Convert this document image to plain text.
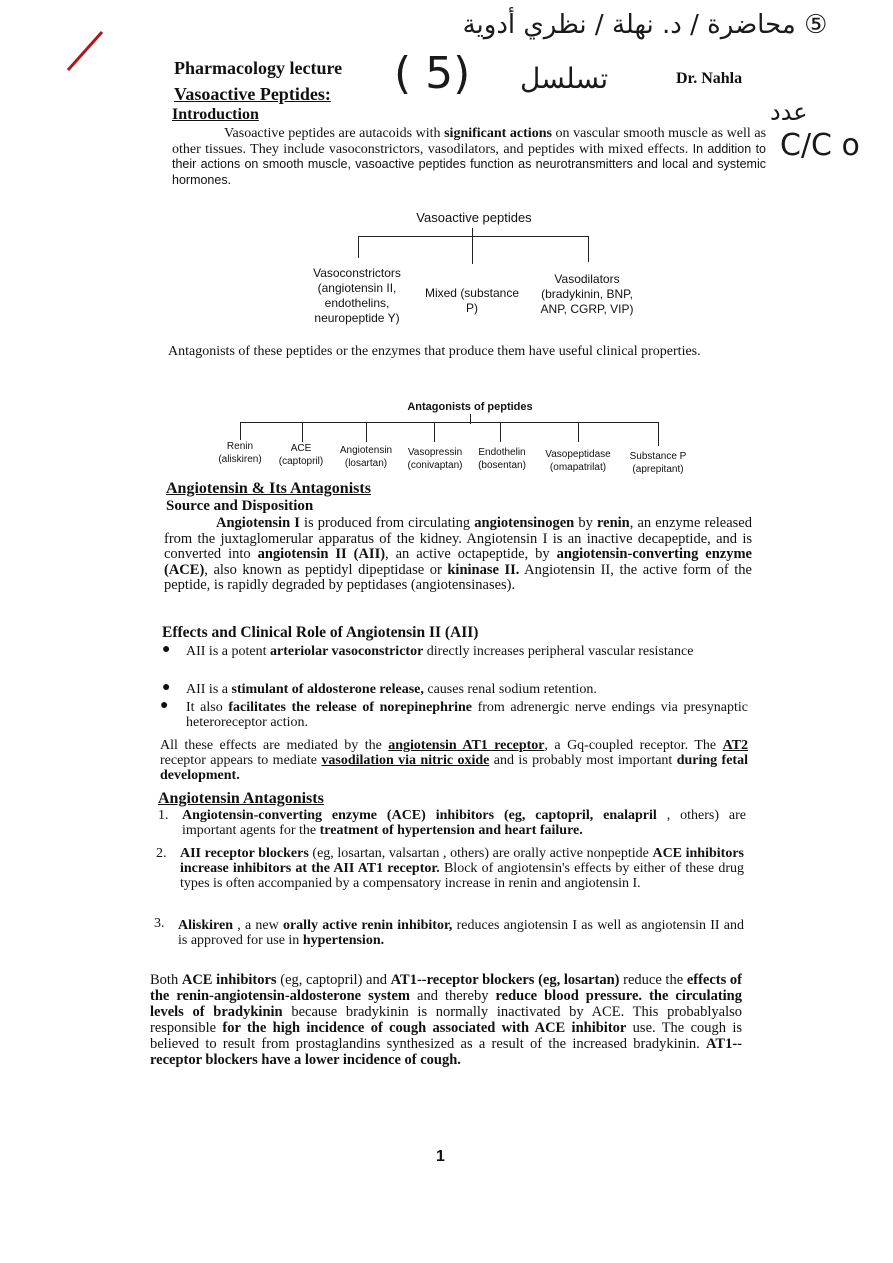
⑤ محاضرة / د. نهلة / نظري أدوية
( 5) تسلسل
عدد
C/C o
Pharmacology lecture
Vasoactive Peptides:
Dr. Nahla
Introduction
Vasoactive peptides are autacoids with significant actions on vascular smooth muscle as well as other tissues. They include vasoconstrictors, vasodilators, and peptides with mixed effects. In addition to their actions on smooth muscle, vasoactive peptides function as neurotransmitters and local and systemic hormones.
Vasoactive peptides
Vasoconstrictors (angiotensin II, endothelins, neuropeptide Y)
Mixed (substance P)
Vasodilators (bradykinin, BNP, ANP, CGRP, VIP)
Antagonists of these peptides or the enzymes that produce them have useful clinical properties.
Antagonists of peptides
Renin
(aliskiren)
ACE
(captopril)
Angiotensin
(losartan)
Vasopressin
(conivaptan)
Endothelin
(bosentan)
Vasopeptidase
(omapatrilat)
Substance P
(aprepitant)
Angiotensin & Its Antagonists
Source and Disposition
Angiotensin I is produced from circulating angiotensinogen by renin, an enzyme released from the juxtaglomerular apparatus of the kidney. Angiotensin I is an inactive decapeptide, and is converted into angiotensin II (AII), an active octapeptide, by angiotensin-converting enzyme (ACE), also known as peptidyl dipeptidase or kininase II. Angiotensin II, the active form of the peptide, is rapidly degraded by peptidases (angiotensinases).
Effects and Clinical Role of Angiotensin II (AII)
● AII is a potent arteriolar vasoconstrictor directly increases peripheral vascular resistance
● AII is a stimulant of aldosterone release, causes renal sodium retention.
● It also facilitates the release of norepinephrine from adrenergic nerve endings via presynaptic heteroreceptor action.
All these effects are mediated by the angiotensin AT1 receptor, a Gq-coupled receptor. The AT2 receptor appears to mediate vasodilation via nitric oxide and is probably most important during fetal development.
Angiotensin Antagonists
1. Angiotensin-converting enzyme (ACE) inhibitors (eg, captopril, enalapril , others) are important agents for the treatment of hypertension and heart failure.
2. AII receptor blockers (eg, losartan, valsartan , others) are orally active nonpeptide ACE inhibitors increase inhibitors at the AII AT1 receptor. Block of angiotensin's effects by either of these drug types is often accompanied by a compensatory increase in renin and angiotensin I.
3. Aliskiren , a new orally active renin inhibitor, reduces angiotensin I as well as angiotensin II and is approved for use in hypertension.
Both ACE inhibitors (eg, captopril) and AT1--receptor blockers (eg, losartan) reduce the effects of the renin-angiotensin-aldosterone system and thereby reduce blood pressure. the circulating levels of bradykinin because bradykinin is normally inactivated by ACE. This probablyalso responsible for the high incidence of cough associated with ACE inhibitor use. The cough is believed to result from prostaglandins synthesized as a result of the increased bradykinin. AT1--receptor blockers have a lower incidence of cough.
1
